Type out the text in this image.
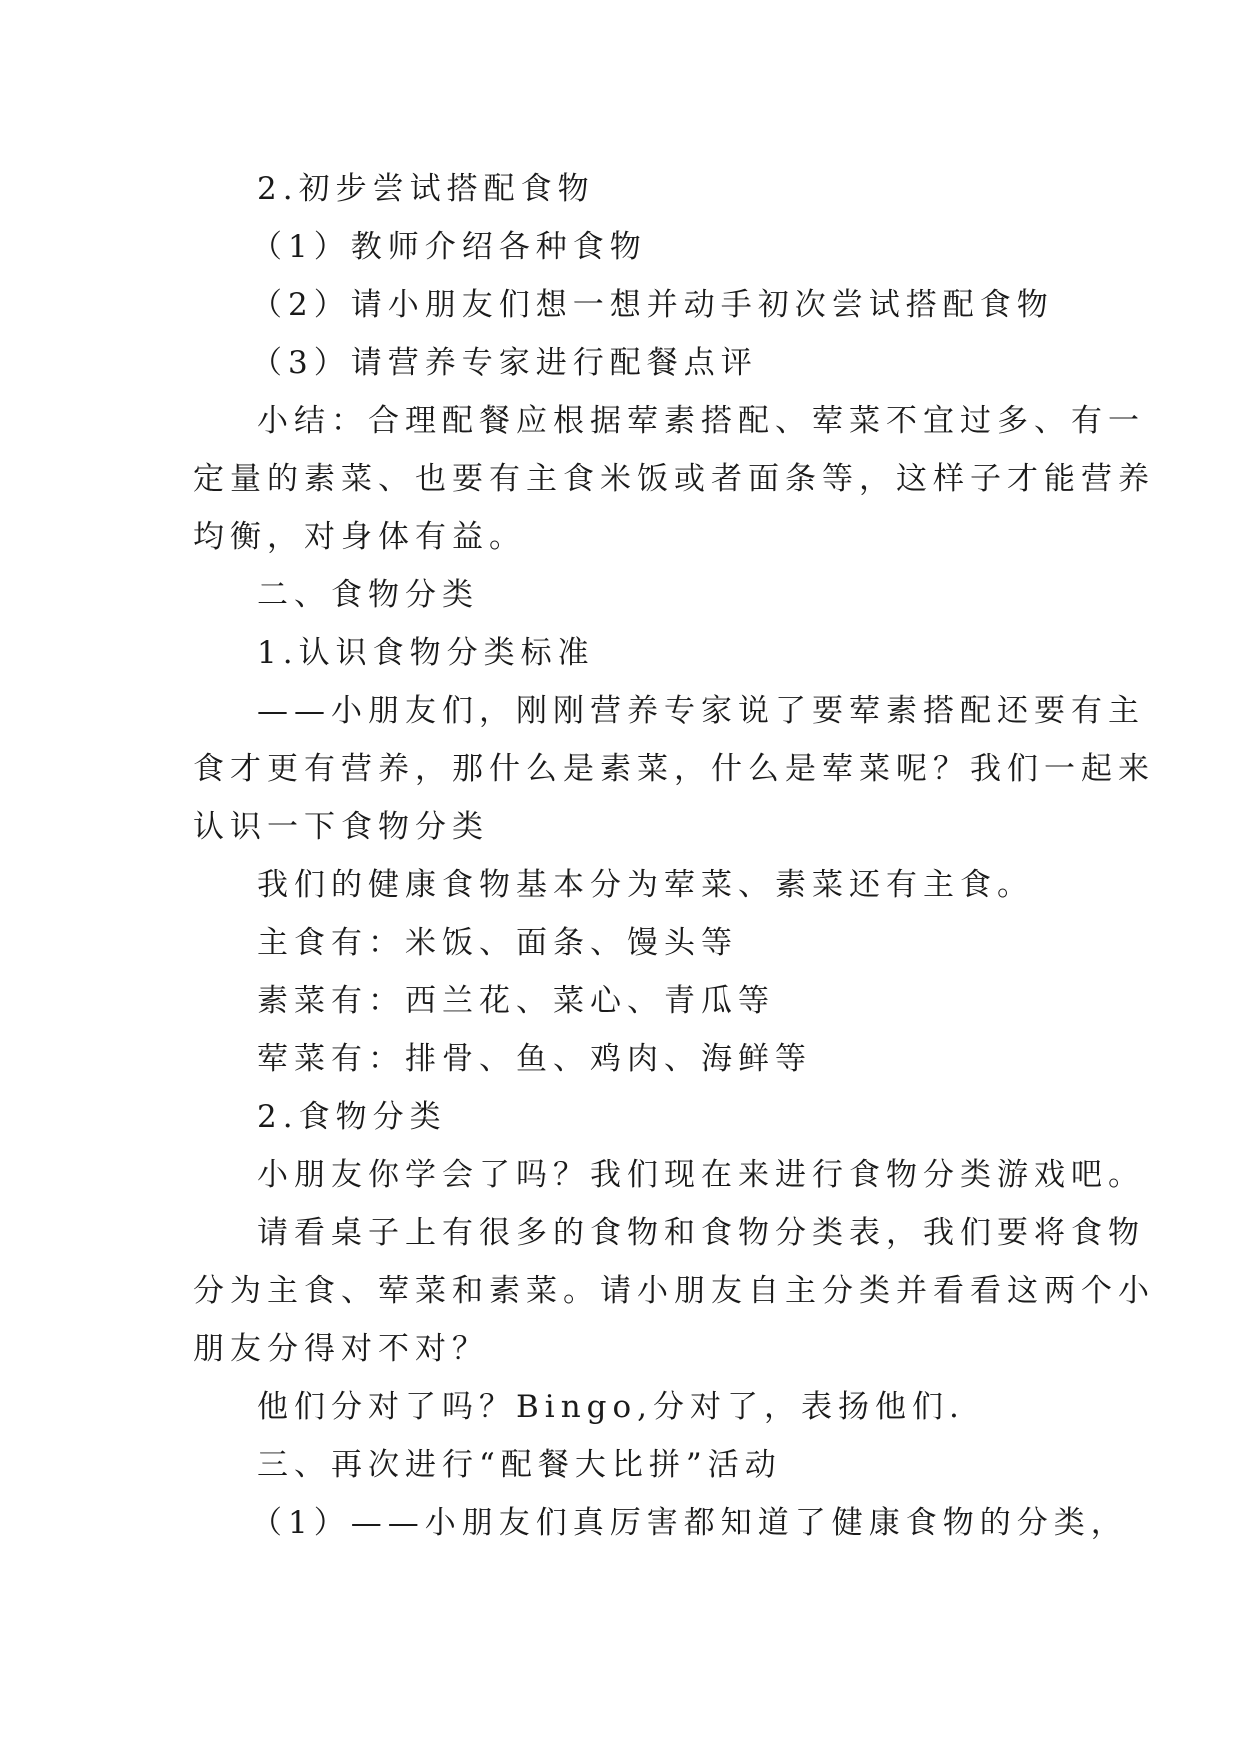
2.初步尝试搭配食物
（1）教师介绍各种食物
（2）请小朋友们想一想并动手初次尝试搭配食物
（3）请营养专家进行配餐点评
小结：合理配餐应根据荤素搭配、荤菜不宜过多、有一
定量的素菜、也要有主食米饭或者面条等，这样子才能营养
均衡，对身体有益。
二、食物分类
1.认识食物分类标准
——小朋友们，刚刚营养专家说了要荤素搭配还要有主
食才更有营养，那什么是素菜，什么是荤菜呢？我们一起来
认识一下食物分类
我们的健康食物基本分为荤菜、素菜还有主食。
主食有：米饭、面条、馒头等
素菜有：西兰花、菜心、青瓜等
荤菜有：排骨、鱼、鸡肉、海鲜等
2.食物分类
小朋友你学会了吗？我们现在来进行食物分类游戏吧。
请看桌子上有很多的食物和食物分类表，我们要将食物
分为主食、荤菜和素菜。请小朋友自主分类并看看这两个小
朋友分得对不对？
他们分对了吗？Bingo,分对了，表扬他们.
三、再次进行“配餐大比拼”活动
（1）——小朋友们真厉害都知道了健康食物的分类，
